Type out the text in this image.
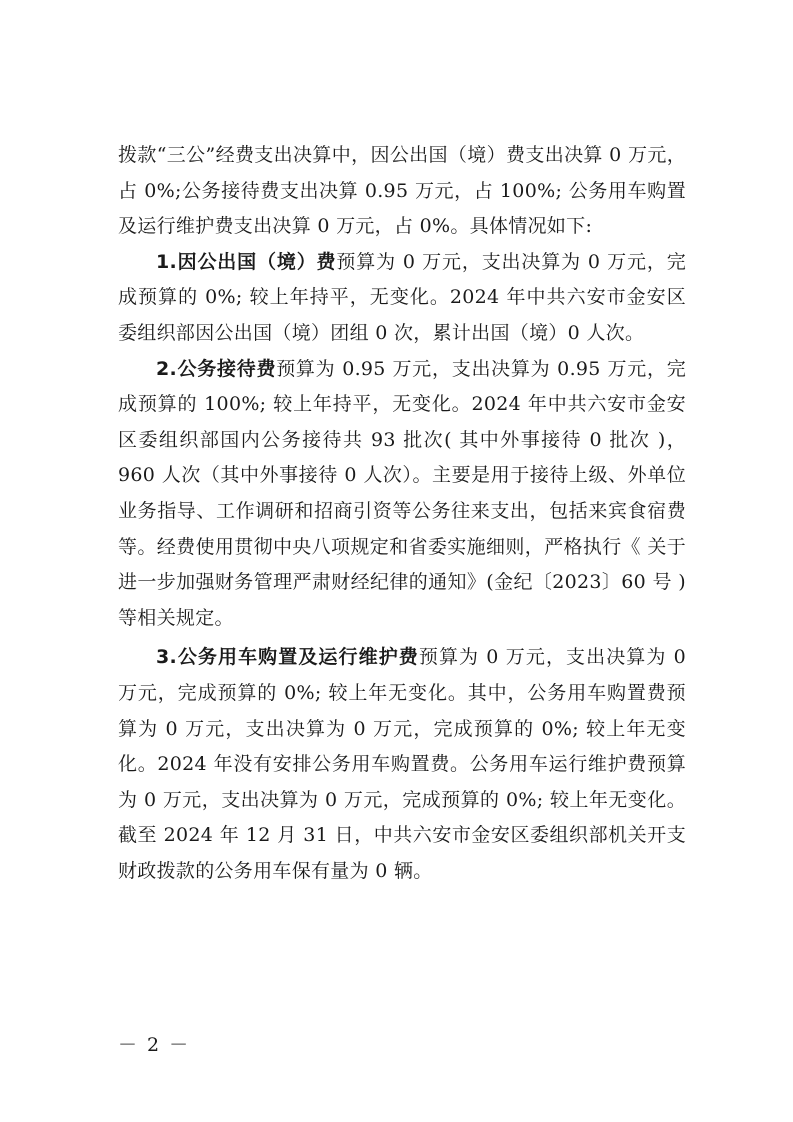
拨款“三公”经费支出决算中，因公出国（境）费支出决算 0 万元，占 0%;公务接待费支出决算 0.95 万元，占 100%; 公务用车购置及运行维护费支出决算 0 万元，占 0%。具体情况如下:

1.因公出国（境）费预算为 0 万元，支出决算为 0 万元，完成预算的 0%; 较上年持平，无变化。2024 年中共六安市金安区委组织部因公出国（境）团组 0 次，累计出国（境）0 人次。

2.公务接待费预算为 0.95 万元，支出决算为 0.95 万元，完成预算的 100%; 较上年持平，无变化。2024 年中共六安市金安区委组织部国内公务接待共 93 批次( 其中外事接待 0 批次 )，960 人次（其中外事接待 0 人次）。主要是用于接待上级、外单位业务指导、工作调研和招商引资等公务往来支出，包括来宾食宿费等。经费使用贯彻中央八项规定和省委实施细则，严格执行《 关于进一步加强财务管理严肃财经纪律的通知》(金纪〔2023〕60 号 )等相关规定。

3.公务用车购置及运行维护费预算为 0 万元，支出决算为 0 万元，完成预算的 0%; 较上年无变化。其中，公务用车购置费预算为 0 万元，支出决算为 0 万元，完成预算的 0%; 较上年无变化。2024 年没有安排公务用车购置费。公务用车运行维护费预算为 0 万元，支出决算为 0 万元，完成预算的 0%; 较上年无变化。截至 2024 年 12 月 31 日，中共六安市金安区委组织部机关开支财政拨款的公务用车保有量为 0 辆。

－ 2 －
